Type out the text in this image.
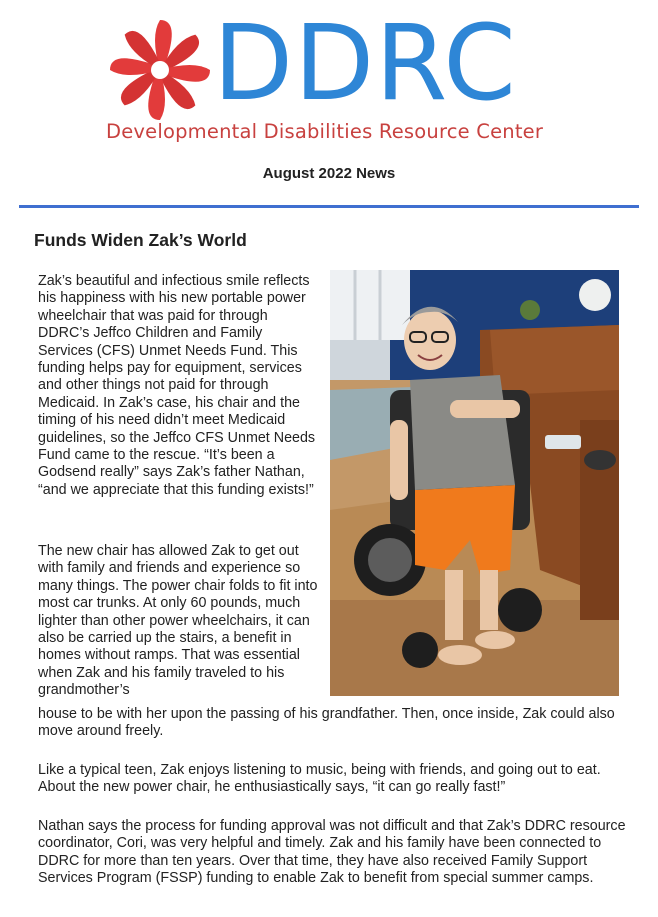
DDRC
Developmental Disabilities Resource Center
August 2022 News
Funds Widen Zak’s World
Zak’s beautiful and infectious smile reflects his happiness with his new portable power wheelchair that was paid for through DDRC’s Jeffco Children and Family Services (CFS) Unmet Needs Fund. This funding helps pay for equipment, services and other things not paid for through Medicaid. In Zak’s case, his chair and the timing of his need didn’t meet Medicaid guidelines, so the Jeffco CFS Unmet Needs Fund came to the rescue. “It’s been a Godsend really” says Zak’s father Nathan, “and we appreciate that this funding exists!”
The new chair has allowed Zak to get out with family and friends and experience so many things. The power chair folds to fit into most car trunks. At only 60 pounds, much lighter than other power wheelchairs, it can also be carried up the stairs, a benefit in homes without ramps. That was essential when Zak and his family traveled to his grandmother’s
house to be with her upon the passing of his grandfather. Then, once inside, Zak could also move around freely.
Like a typical teen, Zak enjoys listening to music, being with friends, and going out to eat. About the new power chair, he enthusiastically says, “it can go really fast!”
Nathan says the process for funding approval was not difficult and that Zak’s DDRC resource coordinator, Cori, was very helpful and timely. Zak and his family have been connected to DDRC for more than ten years. Over that time, they have also received Family Support Services Program (FSSP) funding to enable Zak to benefit from special summer camps.
